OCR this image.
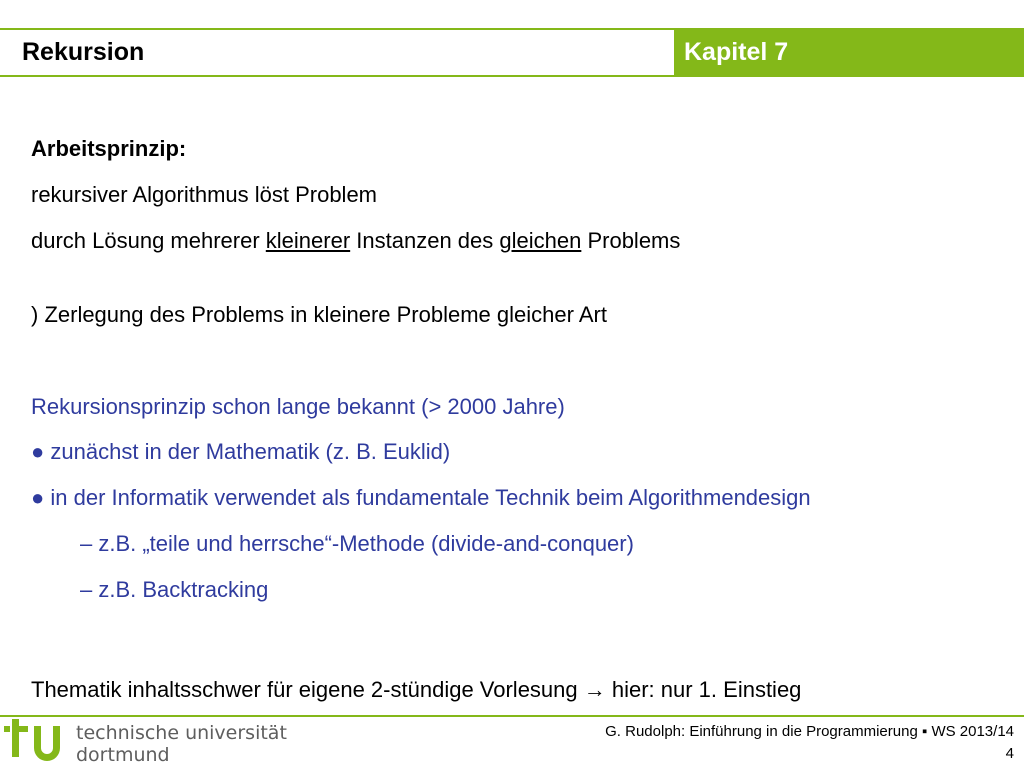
Rekursion	Kapitel 7
Arbeitsprinzip:
rekursiver Algorithmus löst Problem
durch Lösung mehrerer kleinerer Instanzen des gleichen Problems
) Zerlegung des Problems in kleinere Probleme gleicher Art
Rekursionsprinzip schon lange bekannt (> 2000 Jahre)
● zunächst in der Mathematik (z. B. Euklid)
● in der Informatik verwendet als fundamentale Technik beim Algorithmendesign
– z.B. „teile und herrsche“-Methode (divide-and-conquer)
– z.B. Backtracking
Thematik inhaltsschwer für eigene 2-stündige Vorlesung → hier: nur 1. Einstieg
technische universität
dortmund
G. Rudolph: Einführung in die Programmierung ▪ WS 2013/14
4
